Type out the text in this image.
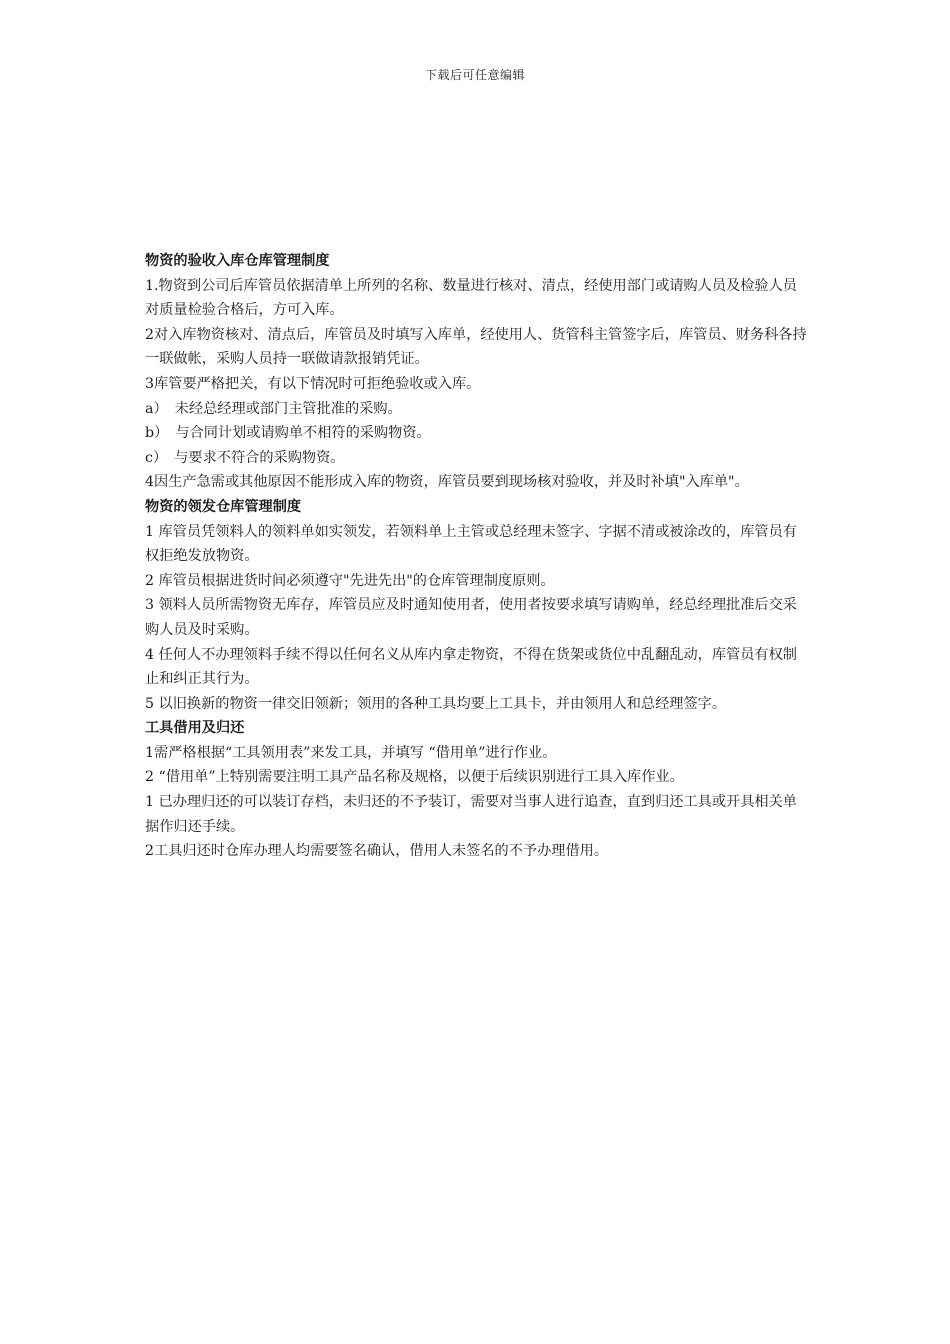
下载后可任意编辑

物资的验收入库仓库管理制度

1.物资到公司后库管员依据清单上所列的名称、数量进行核对、清点，经使用部门或请购人员及检验人员对质量检验合格后，方可入库。

2对入库物资核对、清点后，库管员及时填写入库单，经使用人、货管科主管签字后，库管员、财务科各持一联做帐，采购人员持一联做请款报销凭证。

3库管要严格把关，有以下情况时可拒绝验收或入库。

a）　未经总经理或部门主管批准的采购。

b）　与合同计划或请购单不相符的采购物资。

c）　与要求不符合的采购物资。

4因生产急需或其他原因不能形成入库的物资，库管员要到现场核对验收，并及时补填"入库单"。

物资的领发仓库管理制度

1 库管员凭领料人的领料单如实领发，若领料单上主管或总经理未签字、字据不清或被涂改的，库管员有权拒绝发放物资。

2 库管员根据进货时间必须遵守"先进先出"的仓库管理制度原则。

3 领料人员所需物资无库存，库管员应及时通知使用者，使用者按要求填写请购单，经总经理批准后交采购人员及时采购。

4 任何人不办理领料手续不得以任何名义从库内拿走物资，不得在货架或货位中乱翻乱动，库管员有权制止和纠正其行为。

5 以旧换新的物资一律交旧领新；领用的各种工具均要上工具卡，并由领用人和总经理签字。

工具借用及归还

1需严格根据“工具领用表”来发工具，并填写 “借用单”进行作业。

2 “借用单”上特别需要注明工具产品名称及规格，以便于后续识别进行工具入库作业。

1 已办理归还的可以装订存档，未归还的不予装订，需要对当事人进行追查，直到归还工具或开具相关单据作归还手续。

2工具归还时仓库办理人均需要签名确认，借用人未签名的不予办理借用。
